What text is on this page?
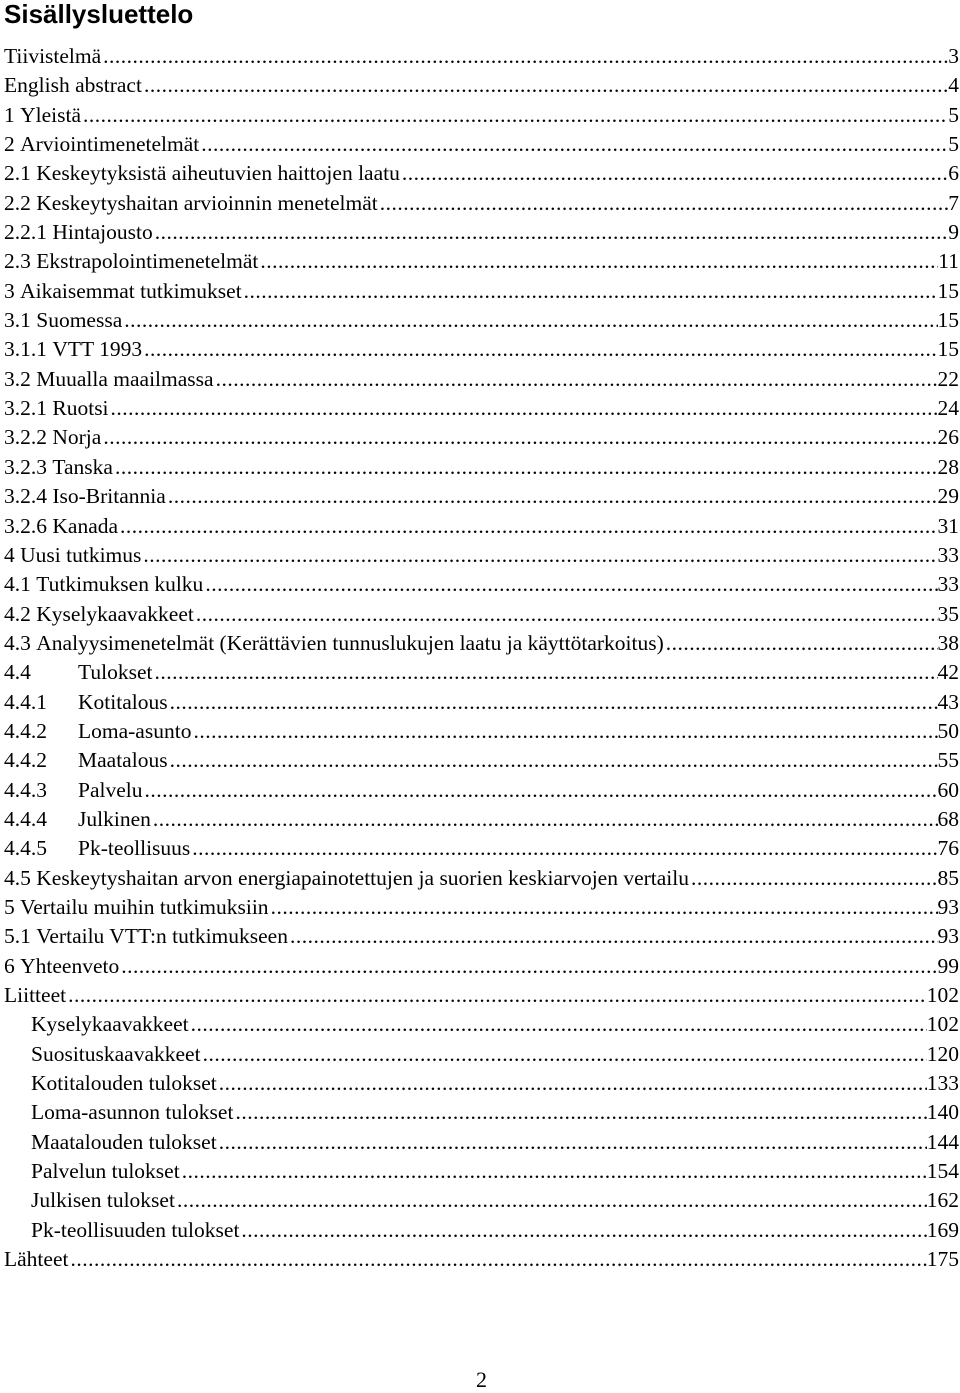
Sisällysluettelo
Tiivistelmä .....	3
English abstract .....	4
1 Yleistä .....	5
2 Arviointimenetelmät .....	5
2.1 Keskeytyksistä aiheutuvien haittojen laatu .....	6
2.2 Keskeytyshaitan arvioinnin menetelmät .....	7
2.2.1 Hintajousto .....	9
2.3 Ekstrapolointimenetelmät .....	11
3 Aikaisemmat tutkimukset .....	15
3.1 Suomessa .....	15
3.1.1 VTT 1993 .....	15
3.2 Muualla maailmassa .....	22
3.2.1 Ruotsi .....	24
3.2.2 Norja .....	26
3.2.3 Tanska .....	28
3.2.4 Iso-Britannia .....	29
3.2.6 Kanada .....	31
4 Uusi tutkimus .....	33
4.1 Tutkimuksen kulku .....	33
4.2 Kyselykaavakkeet .....	35
4.3 Analyysimenetelmät (Kerättävien tunnuslukujen laatu ja käyttötarkoitus) .....	38
4.4	Tulokset .....	42
4.4.1	Kotitalous .....	43
4.4.2	Loma-asunto .....	50
4.4.2	Maatalous .....	55
4.4.3	Palvelu .....	60
4.4.4	Julkinen .....	68
4.4.5	Pk-teollisuus .....	76
4.5 Keskeytyshaitan arvon energiapainotettujen ja suorien keskiarvojen vertailu .....	85
5 Vertailu muihin tutkimuksiin .....	93
5.1 Vertailu VTT:n tutkimukseen .....	93
6 Yhteenveto .....	99
Liitteet .....	102
Kyselykaavakkeet .....	102
Suosituskaavakkeet .....	120
Kotitalouden tulokset .....	133
Loma-asunnon tulokset .....	140
Maatalouden tulokset .....	144
Palvelun tulokset .....	154
Julkisen tulokset .....	162
Pk-teollisuuden tulokset .....	169
Lähteet .....	175
2
